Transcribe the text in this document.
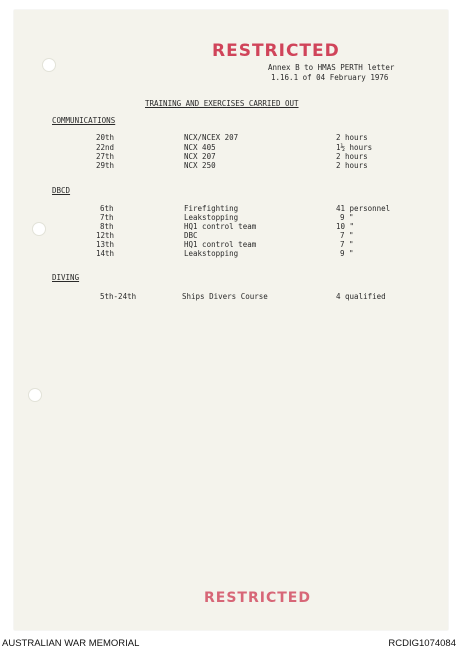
RESTRICTED
Annex B to HMAS PERTH letter
1.16.1 of 04 February 1976
TRAINING AND EXERCISES CARRIED OUT
COMMUNICATIONS
20th	NCX/NCEX 207	2 hours
22nd	NCX 405	1½ hours
27th	NCX 207	2 hours
29th	NCX 250	2 hours
DBCD
6th	Firefighting	41 personnel
7th	Leakstopping	9 "
8th	HQ1 control team	10 "
12th	DBC	7 "
13th	HQ1 control team	7 "
14th	Leakstopping	9 "
DIVING
5th-24th	Ships Divers Course	4 qualified
RESTRICTED
AUSTRALIAN WAR MEMORIAL	RCDIG1074084
